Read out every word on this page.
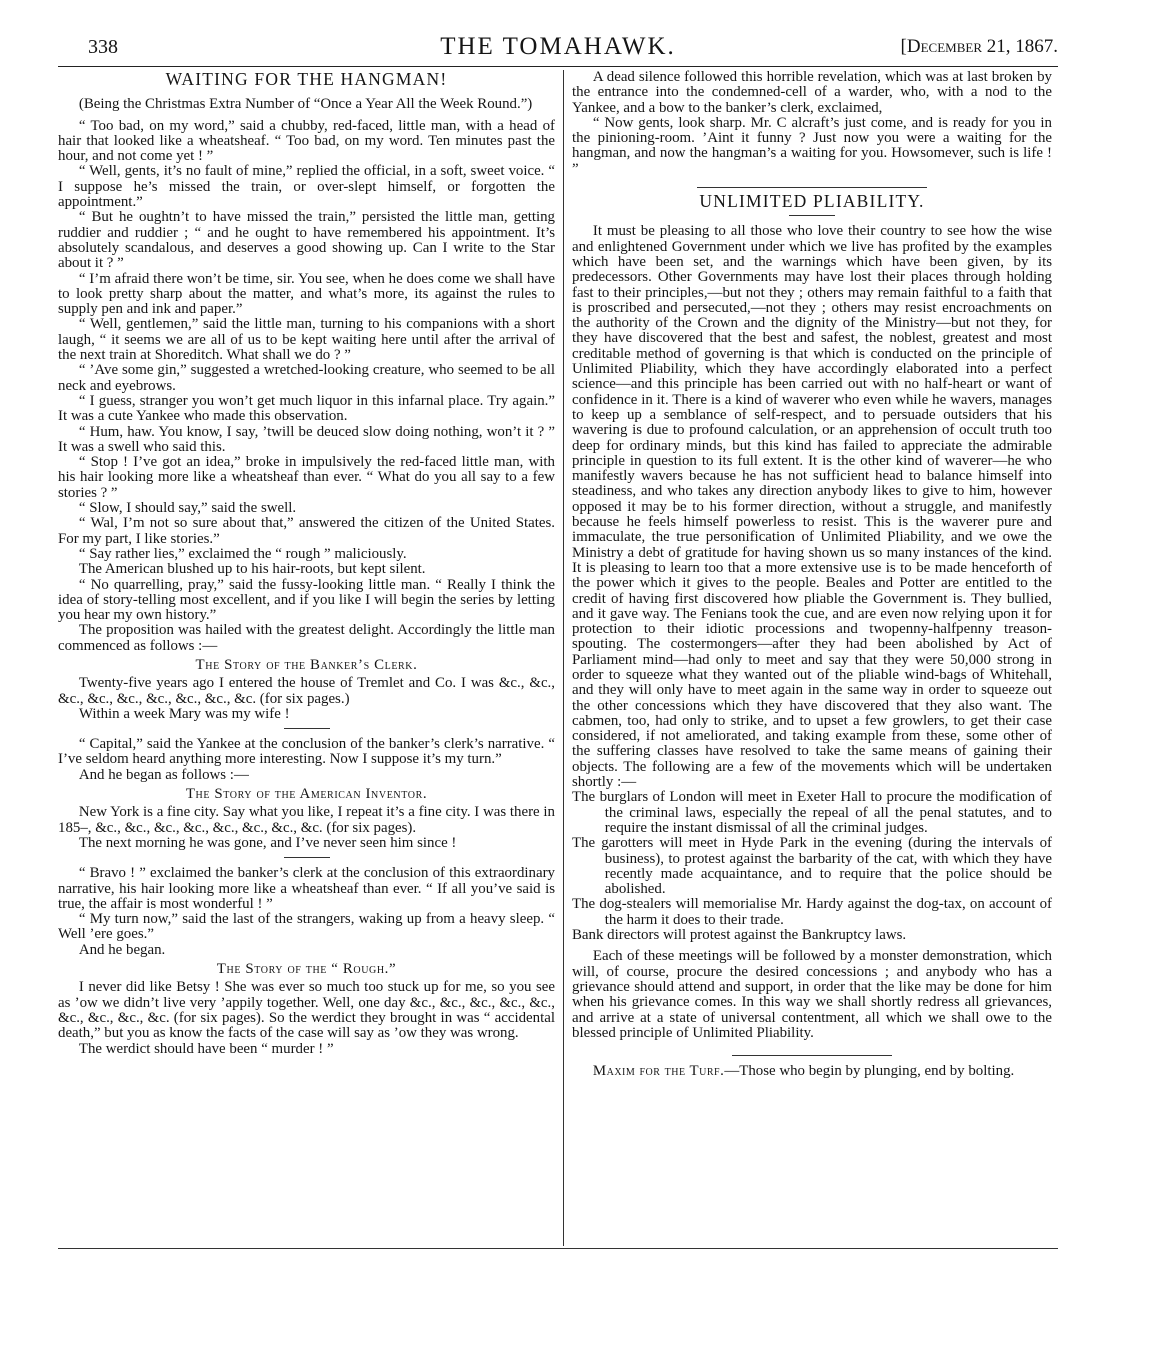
338	THE TOMAHAWK.	[December 21, 1867.
WAITING FOR THE HANGMAN!

(Being the Christmas Extra Number of “Once a Year All the Week Round.”)

“ Too bad, on my word,” said a chubby, red-faced, little man, with a head of hair that looked like a wheatsheaf. “ Too bad, on my word. Ten minutes past the hour, and not come yet ! ”

“ Well, gents, it’s no fault of mine,” replied the official, in a soft, sweet voice. “ I suppose he’s missed the train, or over-slept himself, or forgotten the appointment.”

“ But he oughtn’t to have missed the train,” persisted the little man, getting ruddier and ruddier ; “ and he ought to have remembered his appointment. It’s absolutely scandalous, and deserves a good showing up. Can I write to the Star about it ? ”

“ I’m afraid there won’t be time, sir. You see, when he does come we shall have to look pretty sharp about the matter, and what’s more, its against the rules to supply pen and ink and paper.”

“ Well, gentlemen,” said the little man, turning to his companions with a short laugh, “ it seems we are all of us to be kept waiting here until after the arrival of the next train at Shoreditch. What shall we do ? ”

“ ’Ave some gin,” suggested a wretched-looking creature, who seemed to be all neck and eyebrows.

“ I guess, stranger you won’t get much liquor in this infarnal place. Try again.” It was a cute Yankee who made this observation.

“ Hum, haw. You know, I say, ’twill be deuced slow doing nothing, won’t it ? ” It was a swell who said this.

“ Stop ! I’ve got an idea,” broke in impulsively the red-faced little man, with his hair looking more like a wheatsheaf than ever. “ What do you all say to a few stories ? ”

“ Slow, I should say,” said the swell.

“ Wal, I’m not so sure about that,” answered the citizen of the United States. For my part, I like stories.”

“ Say rather lies,” exclaimed the “ rough ” maliciously.

The American blushed up to his hair-roots, but kept silent.

“ No quarrelling, pray,” said the fussy-looking little man. “ Really I think the idea of story-telling most excellent, and if you like I will begin the series by letting you hear my own history.”

The proposition was hailed with the greatest delight. Accordingly the little man commenced as follows :—

The Story of the Banker’s Clerk.

Twenty-five years ago I entered the house of Tremlet and Co. I was &c., &c., &c., &c., &c., &c., &c., &c., &c. (for six pages.)

Within a week Mary was my wife !

“ Capital,” said the Yankee at the conclusion of the banker’s clerk’s narrative. “ I’ve seldom heard anything more interesting. Now I suppose it’s my turn.”

And he began as follows :—

The Story of the American Inventor.

New York is a fine city. Say what you like, I repeat it’s a fine city. I was there in 185–, &c., &c., &c., &c., &c., &c., &c., &c. (for six pages).

The next morning he was gone, and I’ve never seen him since !

“ Bravo ! ” exclaimed the banker’s clerk at the conclusion of this extraordinary narrative, his hair looking more like a wheatsheaf than ever. “ If all you’ve said is true, the affair is most wonderful ! ”

“ My turn now,” said the last of the strangers, waking up from a heavy sleep. “ Well ’ere goes.”

And he began.

The Story of the “ Rough.”

I never did like Betsy ! She was ever so much too stuck up for me, so you see as ’ow we didn’t live very ’appily together. Well, one day &c., &c., &c., &c., &c., &c., &c., &c., &c. (for six pages). So the werdict they brought in was “ accidental death,” but you as know the facts of the case will say as ’ow they was wrong.

The werdict should have been “ murder ! ”

A dead silence followed this horrible revelation, which was at last broken by the entrance into the condemned-cell of a warder, who, with a nod to the Yankee, and a bow to the banker’s clerk, exclaimed,

“ Now gents, look sharp. Mr. C alcraft’s just come, and is ready for you in the pinioning-room. ’Aint it funny ? Just now you were a waiting for the hangman, and now the hangman’s a waiting for you. Howsomever, such is life ! ”

UNLIMITED PLIABILITY.

It must be pleasing to all those who love their country to see how the wise and enlightened Government under which we live has profited by the examples which have been set, and the warnings which have been given, by its predecessors. Other Governments may have lost their places through holding fast to their principles,—but not they ; others may remain faithful to a faith that is proscribed and persecuted,—not they ; others may resist encroachments on the authority of the Crown and the dignity of the Ministry—but not they, for they have discovered that the best and safest, the noblest, greatest and most creditable method of governing is that which is conducted on the principle of Unlimited Pliability, which they have accordingly elaborated into a perfect science—and this principle has been carried out with no half-heart or want of confidence in it. There is a kind of waverer who even while he wavers, manages to keep up a semblance of self-respect, and to persuade outsiders that his wavering is due to profound calculation, or an apprehension of occult truth too deep for ordinary minds, but this kind has failed to appreciate the admirable principle in question to its full extent. It is the other kind of waverer—he who manifestly wavers because he has not sufficient head to balance himself into steadiness, and who takes any direction anybody likes to give to him, however opposed it may be to his former direction, without a struggle, and manifestly because he feels himself powerless to resist. This is the waverer pure and immaculate, the true personification of Unlimited Pliability, and we owe the Ministry a debt of gratitude for having shown us so many instances of the kind. It is pleasing to learn too that a more extensive use is to be made henceforth of the power which it gives to the people. Beales and Potter are entitled to the credit of having first discovered how pliable the Government is. They bullied, and it gave way. The Fenians took the cue, and are even now relying upon it for protection to their idiotic processions and twopenny-halfpenny treason-spouting. The costermongers—after they had been abolished by Act of Parliament mind—had only to meet and say that they were 50,000 strong in order to squeeze what they wanted out of the pliable wind-bags of Whitehall, and they will only have to meet again in the same way in order to squeeze out the other concessions which they have discovered that they also want. The cabmen, too, had only to strike, and to upset a few growlers, to get their case considered, if not ameliorated, and taking example from these, some other of the suffering classes have resolved to take the same means of gaining their objects. The following are a few of the movements which will be undertaken shortly :—

The burglars of London will meet in Exeter Hall to procure the modification of the criminal laws, especially the repeal of all the penal statutes, and to require the instant dismissal of all the criminal judges.

The garotters will meet in Hyde Park in the evening (during the intervals of business), to protest against the barbarity of the cat, with which they have recently made acquaintance, and to require that the police should be abolished.

The dog-stealers will memorialise Mr. Hardy against the dog-tax, on account of the harm it does to their trade.

Bank directors will protest against the Bankruptcy laws.

Each of these meetings will be followed by a monster demonstration, which will, of course, procure the desired concessions ; and anybody who has a grievance should attend and support, in order that the like may be done for him when his grievance comes. In this way we shall shortly redress all grievances, and arrive at a state of universal contentment, all which we shall owe to the blessed principle of Unlimited Pliability.

Maxim for the Turf.—Those who begin by plunging, end by bolting.
